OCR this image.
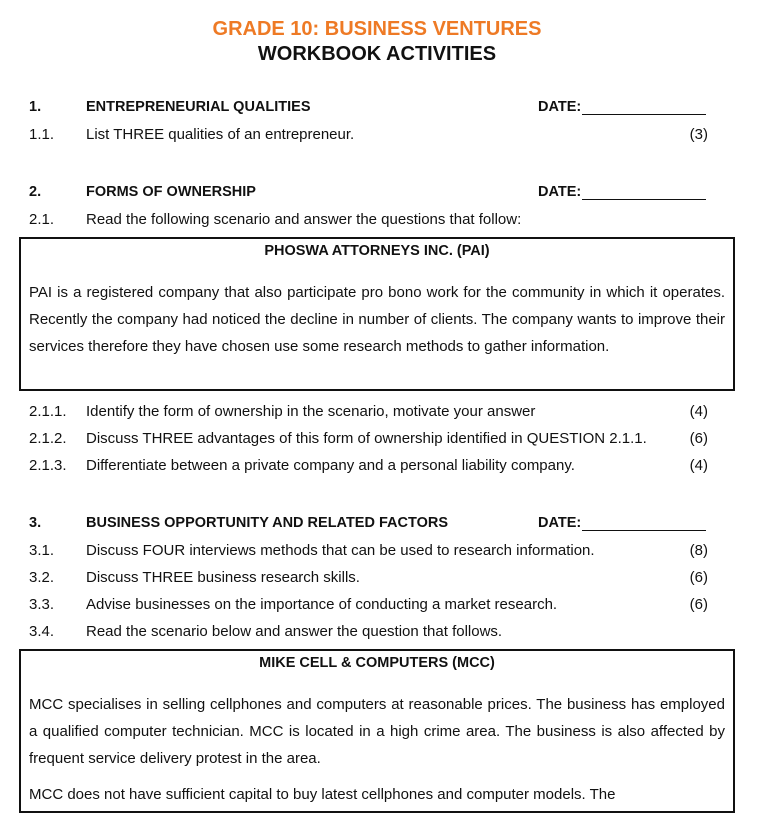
GRADE 10: BUSINESS VENTURES
WORKBOOK ACTIVITIES
1.	ENTREPRENEURIAL QUALITIES	DATE:
1.1. List THREE qualities of an entrepreneur.	(3)
2.	FORMS OF OWNERSHIP	DATE:
2.1. Read the following scenario and answer the questions that follow:
PHOSWA ATTORNEYS INC. (PAI)

PAI is a registered company that also participate pro bono work for the community in which it operates. Recently the company had noticed the decline in number of clients. The company wants to improve their services therefore they have chosen use some research methods to gather information.

2.1.1. Identify the form of ownership in the scenario, motivate your answer	(4)
2.1.2. Discuss THREE advantages of this form of ownership identified in QUESTION 2.1.1.	(6)
2.1.3. Differentiate between a private company and a personal liability company.	(4)
3.	BUSINESS OPPORTUNITY AND RELATED FACTORS	DATE:
3.1. Discuss FOUR interviews methods that can be used to research information.	(8)
3.2. Discuss THREE business research skills.	(6)
3.3. Advise businesses on the importance of conducting a market research.	(6)
3.4. Read the scenario below and answer the question that follows.
MIKE CELL & COMPUTERS (MCC)

MCC specialises in selling cellphones and computers at reasonable prices. The business has employed a qualified computer technician. MCC is located in a high crime area. The business is also affected by frequent service delivery protest in the area.

MCC does not have sufficient capital to buy latest cellphones and computer models. The
